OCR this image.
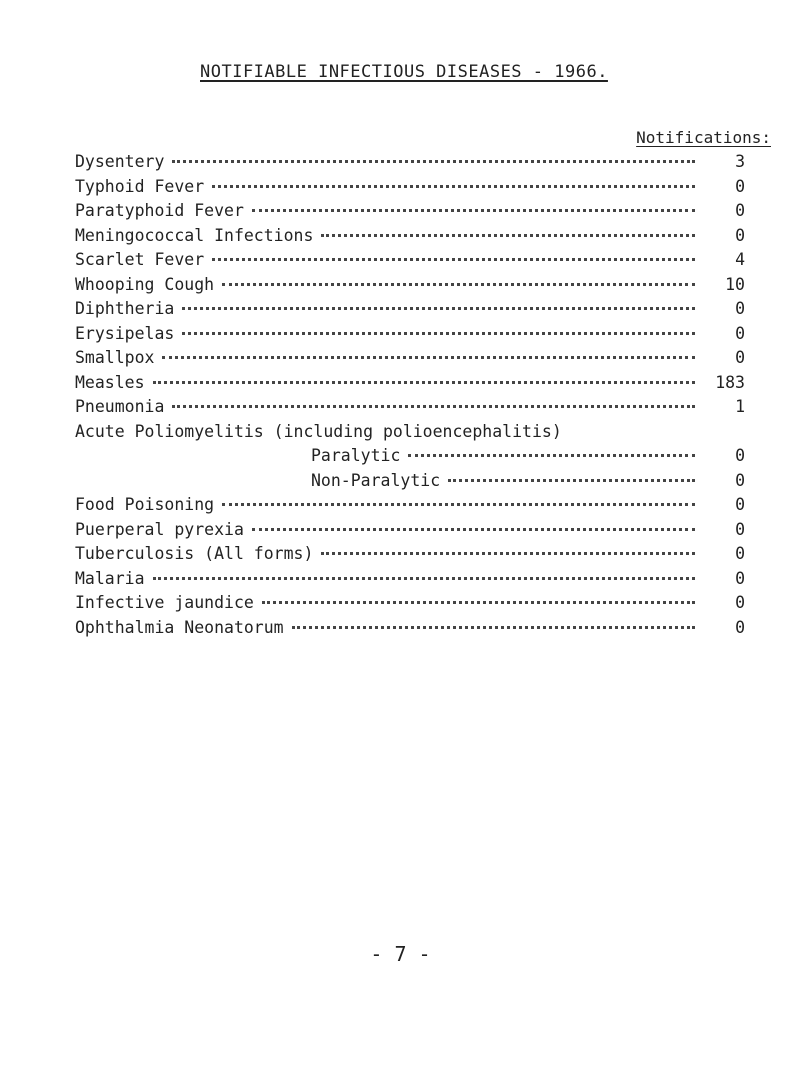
NOTIFIABLE INFECTIOUS DISEASES - 1966.
Notifications:
Dysentery	3
Typhoid Fever	0
Paratyphoid Fever	0
Meningococcal Infections	0
Scarlet Fever	4
Whooping Cough	10
Diphtheria	0
Erysipelas	0
Smallpox	0
Measles	183
Pneumonia	1
Acute Poliomyelitis (including polioencephalitis)
Paralytic	0
Non-Paralytic	0
Food Poisoning	0
Puerperal pyrexia	0
Tuberculosis (All forms)	0
Malaria	0
Infective jaundice	0
Ophthalmia Neonatorum	0
- 7 -
